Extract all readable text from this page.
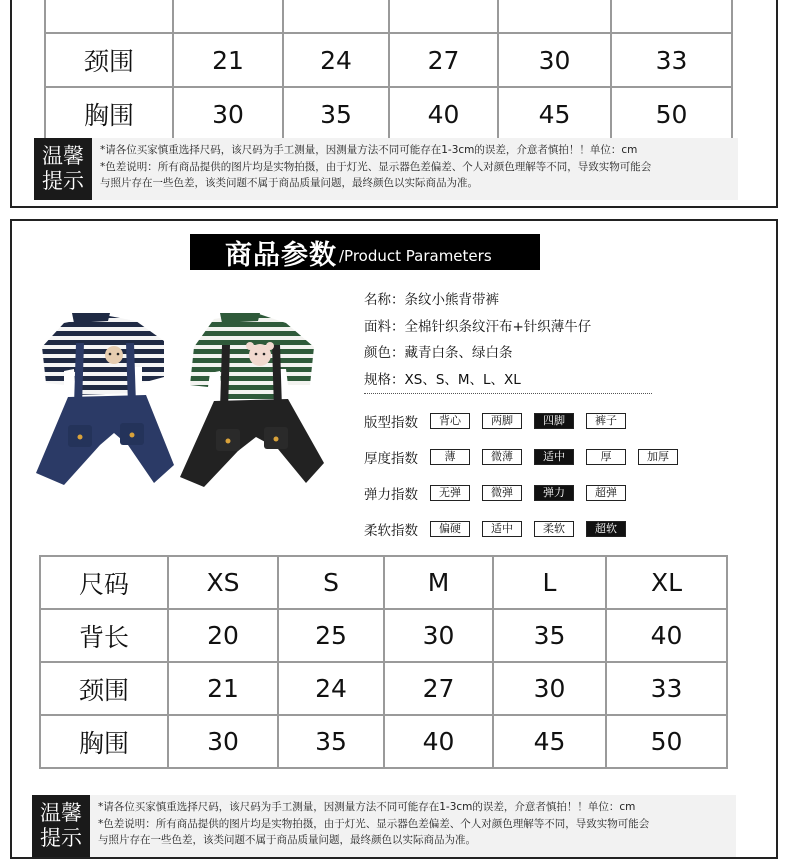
颈围	21	24	27	30	33
胸围	30	35	40	45	50
温馨
提示
*请各位买家慎重选择尺码，该尺码为手工测量，因测量方法不同可能存在1-3cm的误差，介意者慎拍！！单位：cm
*色差说明：所有商品提供的图片均是实物拍摄，由于灯光、显示器色差偏差、个人对颜色理解等不同，导致实物可能会
与照片存在一些色差，该类问题不属于商品质量问题，最终颜色以实际商品为准。
商品参数 /Product Parameters
名称：条纹小熊背带裤
面料：全棉针织条纹汗布+针织薄牛仔
颜色：藏青白条、绿白条
规格：XS、S、M、L、XL
版型指数	背心	两脚	四脚	裤子
厚度指数	薄	微薄	适中	厚	加厚
弹力指数	无弹	微弹	弹力	超弹
柔软指数	偏硬	适中	柔软	超软
尺码	XS	S	M	L	XL
背长	20	25	30	35	40
颈围	21	24	27	30	33
胸围	30	35	40	45	50
温馨
提示
*请各位买家慎重选择尺码，该尺码为手工测量，因测量方法不同可能存在1-3cm的误差，介意者慎拍！！单位：cm
*色差说明：所有商品提供的图片均是实物拍摄，由于灯光、显示器色差偏差、个人对颜色理解等不同，导致实物可能会
与照片存在一些色差，该类问题不属于商品质量问题，最终颜色以实际商品为准。
